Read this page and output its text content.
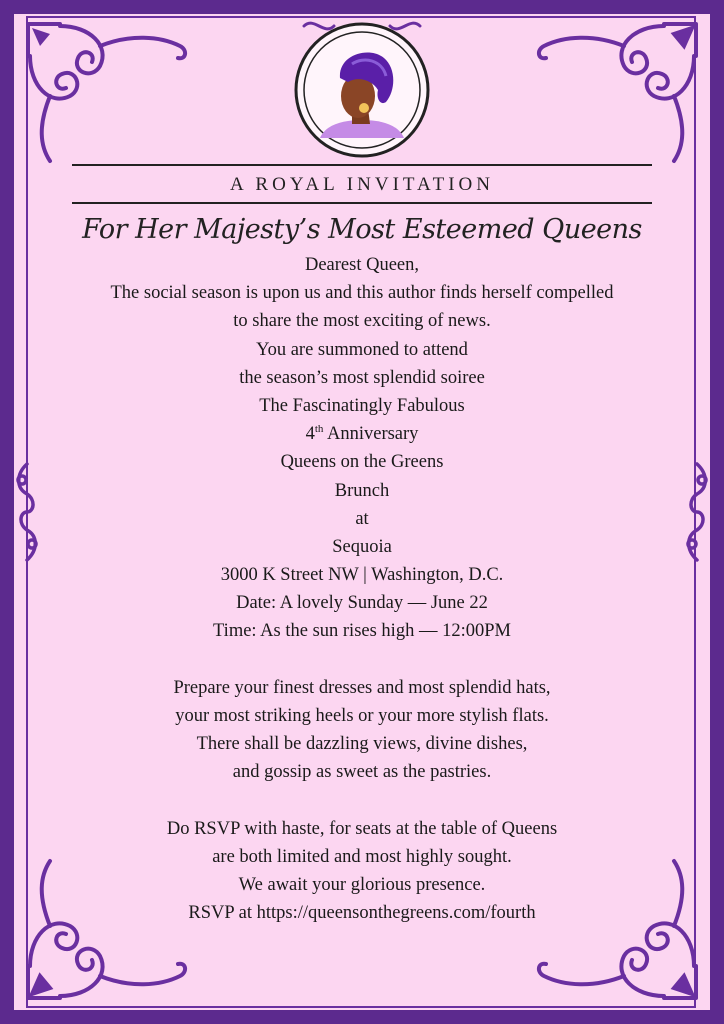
A ROYAL INVITATION
For Her Majesty’s Most Esteemed Queens
Dearest Queen,
The social season is upon us and this author finds herself compelled
to share the most exciting of news.
You are summoned to attend
the season’s most splendid soiree
The Fascinatingly Fabulous
4th Anniversary
Queens on the Greens
Brunch
at
Sequoia
3000 K Street NW | Washington, D.C.
Date: A lovely Sunday — June 22
Time: As the sun rises high — 12:00PM
Prepare your finest dresses and most splendid hats,
your most striking heels or your more stylish flats.
There shall be dazzling views, divine dishes,
and gossip as sweet as the pastries.
Do RSVP with haste, for seats at the table of Queens
are both limited and most highly sought.
We await your glorious presence.
RSVP at https://queensonthegreens.com/fourth
